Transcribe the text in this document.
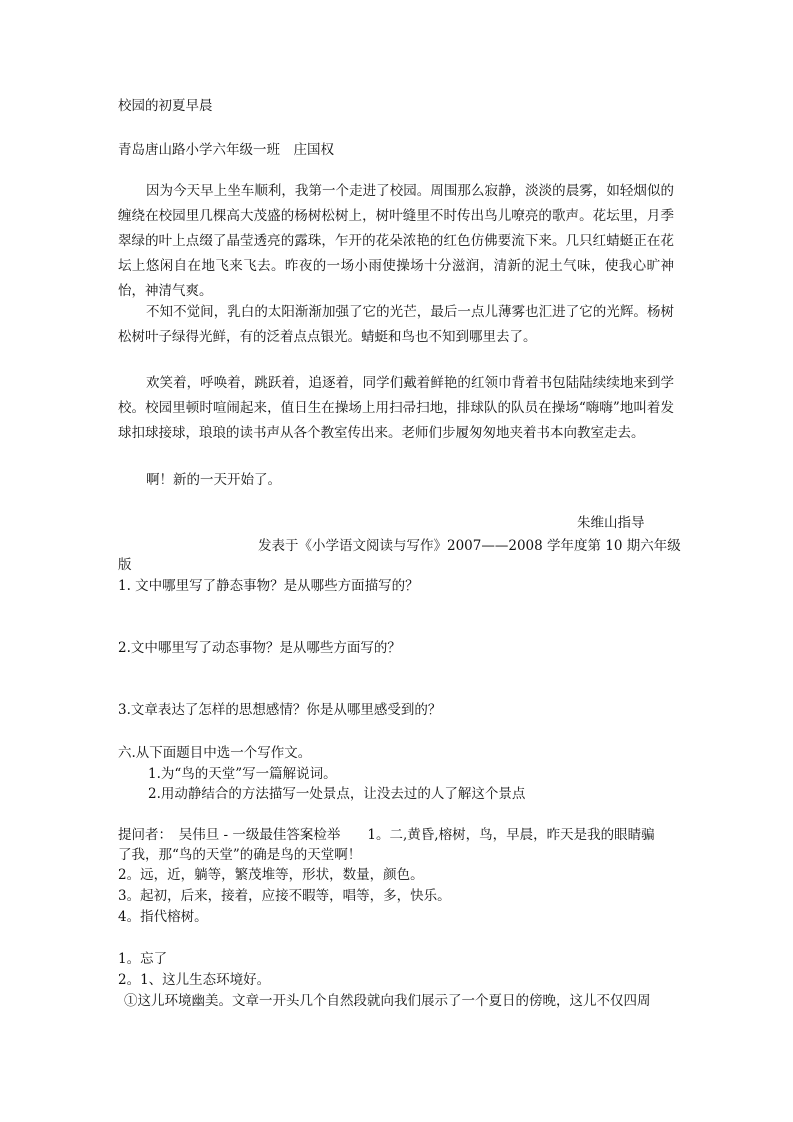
校园的初夏早晨
青岛唐山路小学六年级一班　庄国权
因为今天早上坐车顺利，我第一个走进了校园。周围那么寂静，淡淡的晨雾，如轻烟似的缠绕在校园里几棵高大茂盛的杨树松树上，树叶缝里不时传出鸟儿嘹亮的歌声。花坛里，月季翠绿的叶上点缀了晶莹透亮的露珠，乍开的花朵浓艳的红色仿佛要流下来。几只红蜻蜓正在花坛上悠闲自在地飞来飞去。昨夜的一场小雨使操场十分滋润，清新的泥土气味，使我心旷神怡，神清气爽。
不知不觉间，乳白的太阳渐渐加强了它的光芒，最后一点儿薄雾也汇进了它的光辉。杨树松树叶子绿得光鲜，有的泛着点点银光。蜻蜓和鸟也不知到哪里去了。
欢笑着，呼唤着，跳跃着，追逐着，同学们戴着鲜艳的红领巾背着书包陆陆续续地来到学校。校园里顿时喧闹起来，值日生在操场上用扫帚扫地，排球队的队员在操场“嗨嗨”地叫着发球扣球接球，琅琅的读书声从各个教室传出来。老师们步履匆匆地夹着书本向教室走去。
啊！新的一天开始了。
朱维山指导
发表于《小学语文阅读与写作》2007——2008 学年度第 10 期六年级
版
1. 文中哪里写了静态事物？是从哪些方面描写的？
2.文中哪里写了动态事物？是从哪些方面写的？
3.文章表达了怎样的思想感情？你是从哪里感受到的？
六.从下面题目中选一个写作文。
1.为“鸟的天堂”写一篇解说词。
2.用动静结合的方法描写一处景点，让没去过的人了解这个景点
提问者：　吴伟旦 - 一级最佳答案检举　　1。二,黄昏,榕树，鸟，早晨，昨天是我的眼睛骗
了我，那“鸟的天堂”的确是鸟的天堂啊！
2。远，近，躺等，繁茂堆等，形状，数量，颜色。
3。起初，后来，接着，应接不暇等，唱等，多，快乐。
4。指代榕树。
1。忘了
2。1、这儿生态环境好。
①这儿环境幽美。文章一开头几个自然段就向我们展示了一个夏日的傍晚，这儿不仅四周
